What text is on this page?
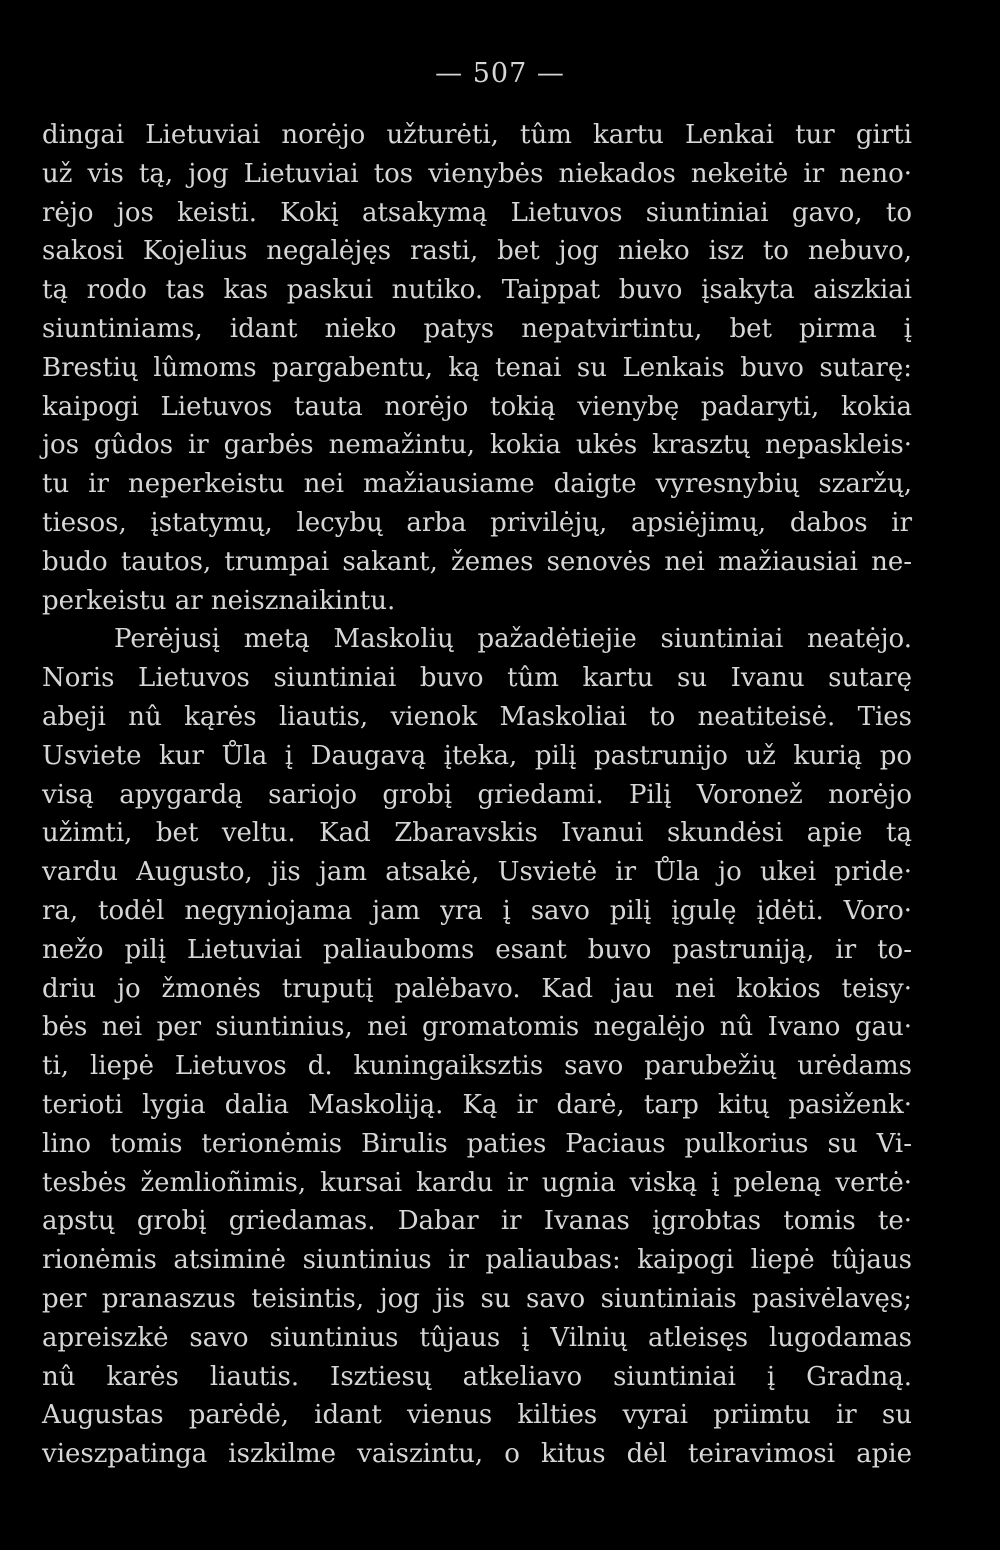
— 507 —
dingai Lietuviai norėjo užturėti, tûm kartu Lenkai tur girti
už vis tą, jog Lietuviai tos vienybės niekados nekeitė ir neno·
rėjo jos keisti. Kokį atsakymą Lietuvos siuntiniai gavo, to
sakosi Kojelius negalėjęs rasti, bet jog nieko isz to nebuvo,
tą rodo tas kas paskui nutiko. Taippat buvo įsakyta aiszkiai
siuntiniams, idant nieko patys nepatvirtintu, bet pirma į
Brestių lûmoms pargabentu, ką tenai su Lenkais buvo sutarę:
kaipogi Lietuvos tauta norėjo tokią vienybę padaryti, kokia
jos gûdos ir garbės nemažintu, kokia ukės krasztų nepaskleis·
tu ir neperkeistu nei mažiausiame daigte vyresnybių szaržų,
tiesos, įstatymų, lecybų arba privilėjų, apsiėjimų, dabos ir
budo tautos, trumpai sakant, žemes senovės nei mažiausiai ne-
perkeistu ar neisznaikintu.
Perėjusį metą Maskolių pažadėtiejie siuntiniai neatėjo.
Noris Lietuvos siuntiniai buvo tûm kartu su Ivanu sutarę
abeji nû kąrės liautis, vienok Maskoliai to neatiteisė. Ties
Usviete kur Ůla į Daugavą įteka, pilį pastrunijo už kurią po
visą apygardą sariojo grobį griedami. Pilį Voronež norėjo
užimti, bet veltu. Kad Zbaravskis Ivanui skundėsi apie tą
vardu Augusto, jis jam atsakė, Usvietė ir Ůla jo ukei pride·
ra, todėl negyniojama jam yra į savo pilį įgulę įdėti. Voro·
nežo pilį Lietuviai paliauboms esant buvo pastruniją, ir to-
driu jo žmonės truputį palėbavo. Kad jau nei kokios teisy·
bės nei per siuntinius, nei gromatomis negalėjo nû Ivano gau·
ti, liepė Lietuvos d. kuningaiksztis savo parubežių urėdams
terioti lygia dalia Maskoliją. Ką ir darė, tarp kitų pasiženk·
lino tomis terionėmis Birulis paties Paciaus pulkorius su Vi-
tesbės žemlioñimis, kursai kardu ir ugnia viską į peleną vertė·
apstų grobį griedamas. Dabar ir Ivanas įgrobtas tomis te·
rionėmis atsiminė siuntinius ir paliaubas: kaipogi liepė tûjaus
per pranaszus teisintis, jog jis su savo siuntiniais pasivėlavęs;
apreiszkė savo siuntinius tûjaus į Vilnių atleisęs lugodamas
nû karės liautis. Isztiesų atkeliavo siuntiniai į Gradną.
Augustas parėdė, idant vienus kilties vyrai priimtu ir su
vieszpatinga iszkilme vaiszintu, o kitus dėl teiravimosi apie
